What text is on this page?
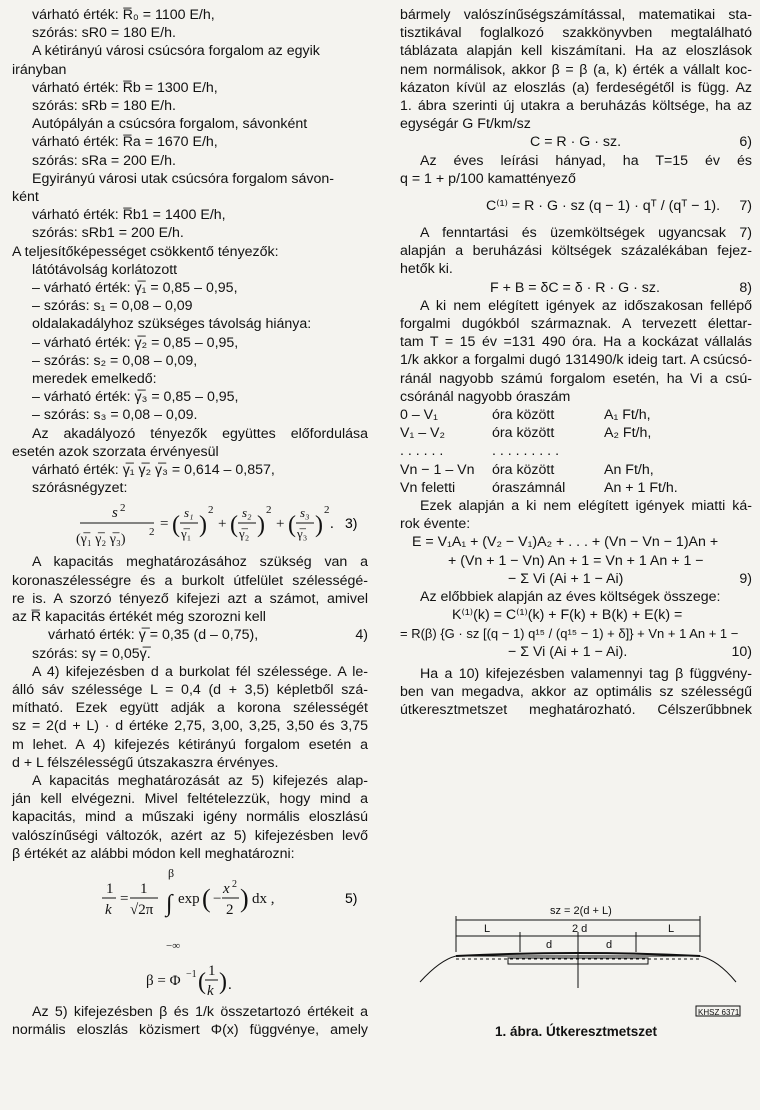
várható érték: R̅₀ = 1100 E/h,
szórás: sR0 = 180 E/h.
A kétirányú városi csúcsóra forgalom az egyik
irányban
várható érték: R̅b = 1300 E/h,
szórás: sRb = 180 E/h.
Autópályán a csúcsóra forgalom, sávonként
várható érték: R̅a = 1670 E/h,
szórás: sRa = 200 E/h.
Egyirányú városi utak csúcsóra forgalom sávon-
ként
várható érték: R̅b1 = 1400 E/h,
szórás: sRb1 = 200 E/h.
A teljesítőképességet csökkentő tényezők:
látótávolság korlátozott
– várható érték: γ̅₁ = 0,85 – 0,95,
– szórás: s₁ = 0,08 – 0,09
oldalakadályhoz szükséges távolság hiánya:
– várható érték: γ̅₂ = 0,85 – 0,95,
– szórás: s₂ = 0,08 – 0,09,
meredek emelkedő:
– várható érték: γ̅₃ = 0,85 – 0,95,
– szórás: s₃ = 0,08 – 0,09.
Az akadályozó tényezők együttes előfordulása
esetén azok szorzata érvényesül
várható érték: γ̅₁ γ̅₂ γ̅₃ = 0,614 – 0,857,
szórásnégyzet:
s 2
(γ̅₁ γ̅₂ γ̅₃) 2 = ( s₁
γ̅₁ )
2
+ ( s₂
γ̅₂ )
2
+ ( s₃
γ̅₃ )
2
. 3)
A kapacitás meghatározásához szükség van a
koronaszélességre és a burkolt útfelület szélességé-
re is. A szorzó tényező kifejezi azt a számot, amivel
az R̅ kapacitás értékét még szorozni kell
várható érték: γ̅ = 0,35 (d – 0,75),	4)
szórás: sγ = 0,05γ̅.
A 4) kifejezésben d a burkolat fél szélessége. A le-
álló sáv szélessége L = 0,4 (d + 3,5) képletből szá-
mítható. Ezek együtt adják a korona szélességét
sz = 2(d + L) · d értéke 2,75, 3,00, 3,25, 3,50 és 3,75
m lehet. A 4) kifejezés kétirányú forgalom esetén a
d + L félszélességű útszakaszra érvényes.
A kapacitás meghatározását az 5) kifejezés alap-
ján kell elvégezni. Mivel feltételezzük, hogy mind a
kapacitás, mind a műszaki igény normális eloszlású
valószínűségi változók, azért az 5) kifejezésben levő
β értékét az alábbi módon kell meghatározni:
1
k
=
1
√2π
β
∫
−∞
exp ( −
x 2
2 ) dx ,	5)
β = Φ −1 ( 1
k ) .
Az 5) kifejezésben β és 1/k összetartozó értékeit a
normális eloszlás közismert Φ(x) függvénye, amely
bármely valószínűségszámítással, matematikai sta-
tisztikával foglalkozó szakkönyvben megtalálható
táblázata alapján kell kiszámítani. Ha az eloszlások
nem normálisok, akkor β = β (a, k) érték a vállalt koc-
kázaton kívül az eloszlás (a) ferdeségétől is függ. Az
1. ábra szerinti új utakra a beruházás költsége, ha az
egységár G Ft/km/sz
C = R · G · sz.	6)
Az éves leírási hányad, ha T=15 év és
q = 1 + p/100 kamattényező
C⁽¹⁾ = R · G · sz (q − 1) · qᵀ / (qᵀ − 1). 7)
A fenntartási és üzemköltségek ugyancsak 7)
alapján a beruházási költségek százalékában fejez-
hetők ki.
F + B = δC = δ · R · G · sz.	8)
A ki nem elégített igények az időszakosan fellépő
forgalmi dugókból származnak. A tervezett élettar-
tam T = 15 év =131 490 óra. Ha a kockázat vállalás
1/k akkor a forgalmi dugó 131490/k ideig tart. A csúcsó-
ránál nagyobb számú forgalom esetén, ha Vi a csú-
csóránál nagyobb óraszám
0 – V₁	óra között	A₁ Ft/h,
V₁ – V₂	óra között	A₂ Ft/h,
. . . . . .	. . . . . . . . .
Vn − 1 – Vn	óra között	An Ft/h,
Vn feletti	óraszámnál	An + 1 Ft/h.
Ezek alapján a ki nem elégített igények miatti ká-
rok évente:
E = V₁A₁ + (V₂ − V₁)A₂ + . . . + (Vn − Vn − 1)An +
+ (Vn + 1 − Vn) An + 1 = Vn + 1 An + 1 −
− Σ Vi (Ai + 1 − Ai)	9)
Az előbbiek alapján az éves költségek összege:
K⁽¹⁾(k) = C⁽¹⁾(k) + F(k) + B(k) + E(k) =
= R(β) {G · sz [(q − 1) q¹⁵ / (q¹⁵ − 1) + δ]} + Vn + 1 An + 1 −
− Σ Vi (Ai + 1 − Ai).	10)
Ha a 10) kifejezésben valamennyi tag β függvény-
ben van megadva, akkor az optimális sz szélességű
útkeresztmetszet meghatározható. Célszerűbbnek
sz = 2(d + L)
2 d
L	L
d	d
KHSZ 6371
1. ábra. Útkeresztmetszet
